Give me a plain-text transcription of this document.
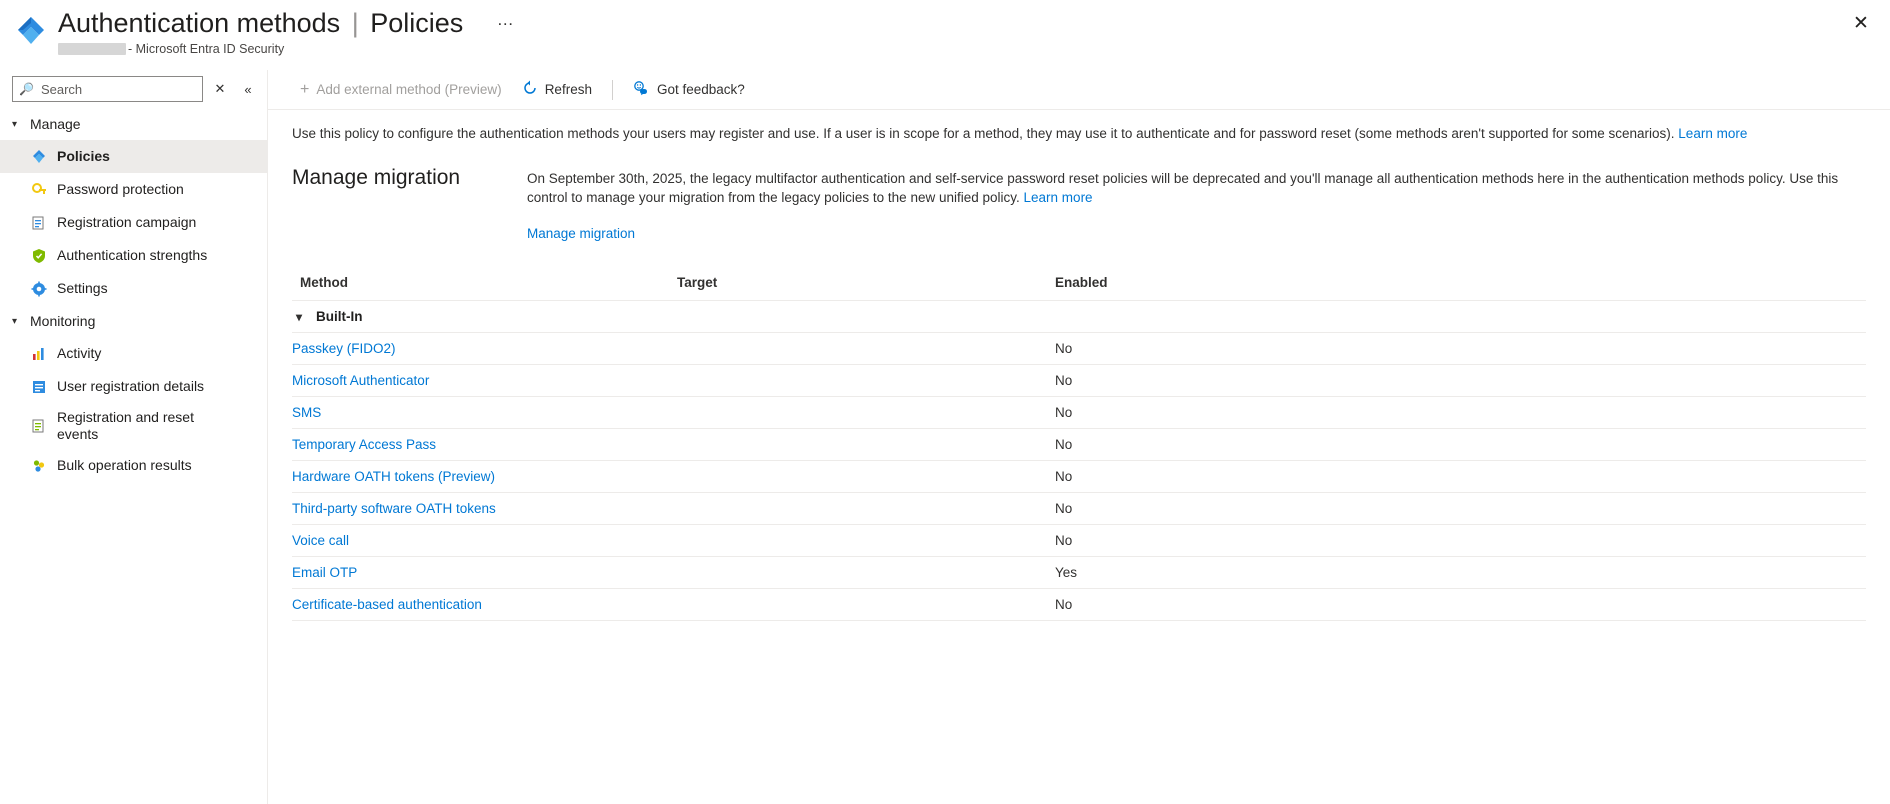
Authentication methods | Policies …
- Microsoft Entra ID Security
✕
🔍
Search	✕	«
▾ Manage
Policies
Password protection
Registration campaign
Authentication strengths
Settings
▾ Monitoring
Activity
User registration details
Registration and reset events
Bulk operation results
+ Add external method (Preview)	Refresh	Got feedback?
Use this policy to configure the authentication methods your users may register and use. If a user is in scope for a method, they may use it to authenticate and for password reset (some methods aren't supported for some scenarios). Learn more
Manage migration	On September 30th, 2025, the legacy multifactor authentication and self-service password reset policies will be deprecated and you'll manage all authentication methods here in the authentication methods policy. Use this control to manage your migration from the legacy policies to the new unified policy. Learn more

Manage migration
Method	Target	Enabled

▾ Built-In		

Passkey (FIDO2)		No
Microsoft Authenticator		No
SMS		No
Temporary Access Pass		No
Hardware OATH tokens (Preview)		No
Third-party software OATH tokens		No
Voice call		No
Email OTP		Yes
Certificate-based authentication		No
